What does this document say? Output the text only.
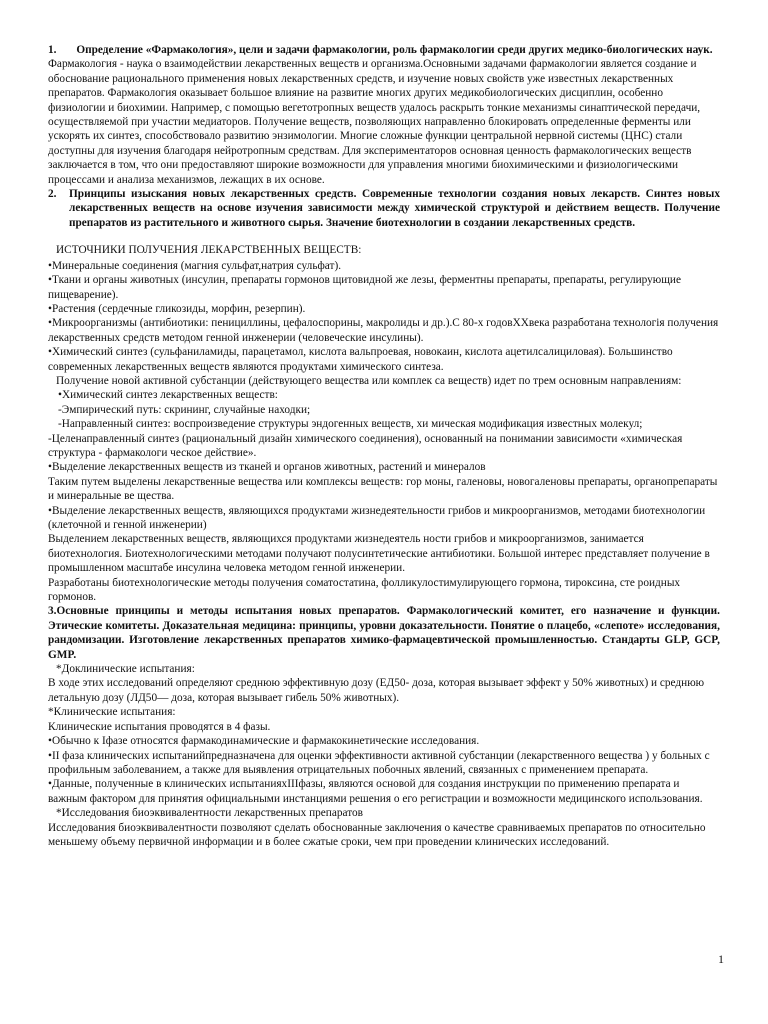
1.	Определение «Фармакология», цели и задачи фармакологии, роль фармакологии среди других медико-биологических наук.

Фармакология - наука о взаимодействии лекарственных веществ и организма.Основными задачами фармакологии является создание и обоснование рационального применения новых лекарственных средств, и изучение новых свойств уже известных лекарственных препаратов. Фармакология оказывает большое влияние на развитие многих других медикобиологических дисциплин, особенно физиологии и биохимии. Например, с помощью вегетотропных веществ удалось раскрыть тонкие механизмы синаптической передачи, осуществляемой при участии медиаторов. Получение веществ, позволяющих направленно блокировать определенные ферменты или ускорять их синтез, способствовало развитию энзимологии. Многие сложные функции центральной нервной системы (ЦНС) стали доступны для изучения благодаря нейротропным средствам. Для экспериментаторов основная ценность фармакологических веществ заключается в том, что они предоставляют широкие возможности для управления многими биохимическими и физиологическими процессами и анализа механизмов, лежащих в их основе.

2.	Принципы изыскания новых лекарственных средств. Современные технологии создания новых лекарств. Синтез новых лекарственных веществ на основе изучения зависимости между химической структурой и действием веществ. Получение препаратов из растительного и животного сырья. Значение биотехнологии в создании лекарственных средств.

ИСТОЧНИКИ ПОЛУЧЕНИЯ ЛЕКАРСТВЕННЫХ ВЕЩЕСТВ:

•Минеральные соединения (магния сульфат,натрия сульфат).

•Ткани и органы животных (инсулин, препараты гормонов щитовидной же лезы, ферментны препараты, препараты, регулирующие пищеварение).

•Растения (сердечные гликозиды, морфин, резерпин).

•Микроорганизмы (антибиотики: пенициллины, цефалоспорины, макролиды и др.).С 80-х годовХХвека разработана технологія получения лекарственных средств методом генной инженерии (человеческие инсулины).

•Химический синтез (сульфаниламиды, парацетамол, кислота вальпроевая, новокаин, кислота ацетилсалициловая). Большинство современных лекарственных веществ являются продуктами химического синтеза.

Получение новой активной субстанции (действующего вещества или комплек са веществ) идет по трем основным направлениям:

•Химический синтез лекарственных веществ:

-Эмпирический путь: скрининг, случайные находки;

-Направленный синтез: воспроизведение структуры эндогенных веществ, хи мическая модификация известных молекул;

-Целенаправленный синтез (рациональный дизайн химического соединения), основанный на понимании зависимости «химическая структура - фармакологи ческое действие».

•Выделение лекарственных веществ из тканей и органов животных, растений и минералов

Таким путем выделены лекарственные вещества или комплексы веществ: гор моны, галеновы, новогаленовы препараты, органопрепараты и минеральные ве щества.

•Выделение лекарственных веществ, являющихся продуктами жизнедеятельности грибов и микроорганизмов, методами биотехнологии (клеточной и генной инженерии)

Выделением лекарственных веществ, являющихся продуктами жизнедеятель ности грибов и микроорганизмов, занимается биотехнология. Биотехнологическими методами получают полусинтетические антибиотики. Большой интерес представляет получение в промышленном масштабе инсулина человека методом генной инженерии.

Разработаны биотехнологические методы получения соматостатина, фолликулостимулирующего гормона, тироксина, сте роидных гормонов.

3.Основные принципы и методы испытания новых препаратов. Фармакологический комитет, его назначение и функции. Этические комитеты. Доказательная медицина: принципы, уровни доказательности. Понятие о плацебо, «слепоте» исследования, рандомизации. Изготовление лекарственных препаратов химико-фармацевтической промышленностью. Стандарты GLP, GCP, GMP.

*Доклинические испытания:

В ходе этих исследований определяют среднюю эффективную дозу (ЕД50- доза, которая вызывает эффект у 50% животных) и среднюю летальную дозу (ЛД50— доза, которая вызывает гибель 50% животных).

*Клинические испытания:

Клинические испытания проводятся в 4 фазы.

•Обычно к Iфазе относятся фармакодинамические и фармакокинетические исследования.

•II фаза клинических испытанийпредназначена для оценки эффективности активной субстанции (лекарственного вещества ) у больных с профильным заболеванием, а также для выявления отрицательных побочных явлений, связанных с применением препарата.

•Данные, полученные в клинических испытанияхIIIфазы, являются основой для создания инструкции по применению препарата и важным фактором для принятия официальными инстанциями решения о его регистрации и возможности медицинского использования.

*Исследования биоэквивалентности лекарственных препаратов

Исследования биоэквивалентности позволяют сделать обоснованные заключения о качестве сравниваемых препаратов по относительно меньшему объему первичной информации и в более сжатые сроки, чем при проведении клинических исследований.

1
